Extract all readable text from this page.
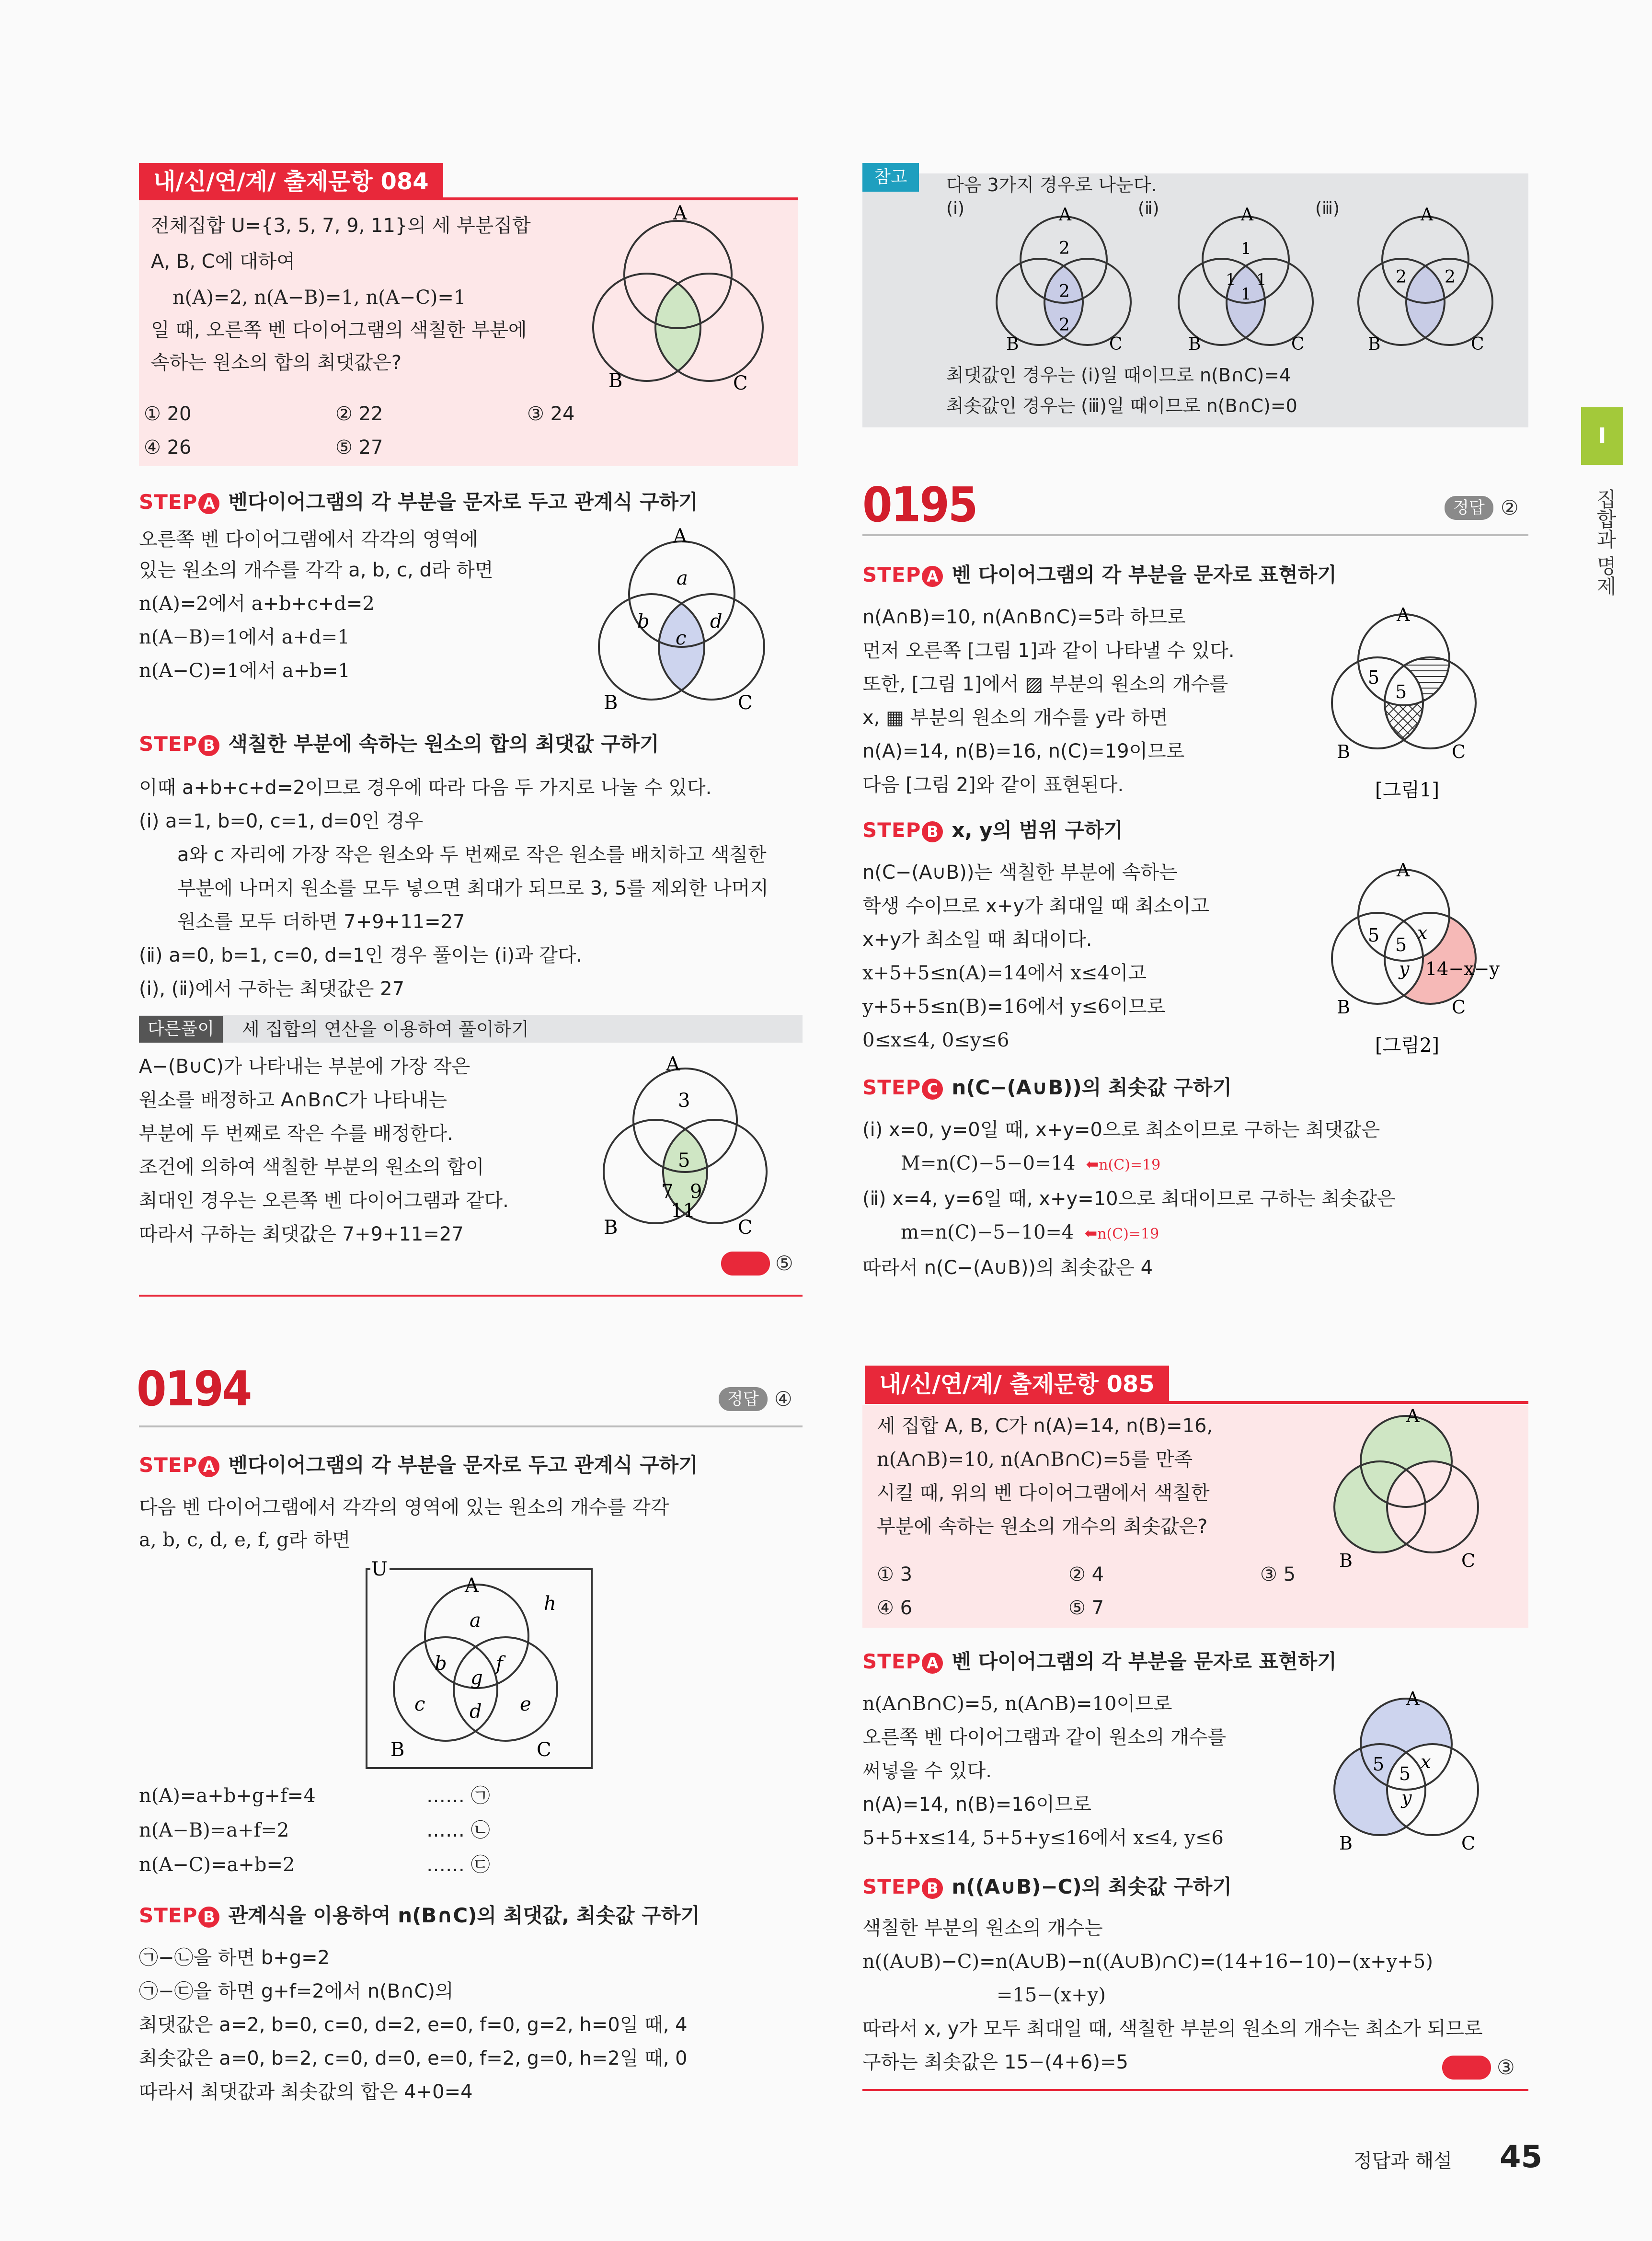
내/신/연/계/ 출제문항 084
전체집합 U={3, 5, 7, 9, 11}의 세 부분집합
A, B, C에 대하여
n(A)=2, n(A−B)=1, n(A−C)=1
일 때, 오른쪽 벤 다이어그램의 색칠한 부분에
속하는 원소의 합의 최댓값은?
① 20	② 22	③ 24
④ 26	⑤ 27
A
B	C
STEP A 벤다이어그램의 각 부분을 문자로 두고 관계식 구하기
오른쪽 벤 다이어그램에서 각각의 영역에
있는 원소의 개수를 각각 a, b, c, d라 하면
n(A)=2에서 a+b+c+d=2
n(A−B)=1에서 a+d=1
n(A−C)=1에서 a+b=1
A
B	C
a
b
c
d
STEP B 색칠한 부분에 속하는 원소의 합의 최댓값 구하기
이때 a+b+c+d=2이므로 경우에 따라 다음 두 가지로 나눌 수 있다.
(ⅰ) a=1, b=0, c=1, d=0인 경우
a와 c 자리에 가장 작은 원소와 두 번째로 작은 원소를 배치하고 색칠한
부분에 나머지 원소를 모두 넣으면 최대가 되므로 3, 5를 제외한 나머지
원소를 모두 더하면 7+9+11=27
(ⅱ) a=0, b=1, c=0, d=1인 경우 풀이는 (ⅰ)과 같다.
(ⅰ), (ⅱ)에서 구하는 최댓값은 27
다른풀이	세 집합의 연산을 이용하여 풀이하기
A−(B∪C)가 나타내는 부분에 가장 작은
원소를 배정하고 A∩B∩C가 나타내는
부분에 두 번째로 작은 수를 배정한다.
조건에 의하여 색칠한 부분의 원소의 합이
최대인 경우는 오른쪽 벤 다이어그램과 같다.
따라서 구하는 최댓값은 7+9+11=27
A
B	C
3
5
7 9
11
정답 ⑤
0194	정답 ④
STEP A 벤다이어그램의 각 부분을 문자로 두고 관계식 구하기
다음 벤 다이어그램에서 각각의 영역에 있는 원소의 개수를 각각
a, b, c, d, e, f, g라 하면
U
A
B	C
a
b
g
f
c d e
h
n(A)=a+b+g+f=4	…… ㉠
n(A−B)=a+f=2	…… ㉡
n(A−C)=a+b=2	…… ㉢
STEP B 관계식을 이용하여 n(B∩C)의 최댓값, 최솟값 구하기
㉠−㉡을 하면 b+g=2
㉠−㉢을 하면 g+f=2에서 n(B∩C)의
최댓값은 a=2, b=0, c=0, d=2, e=0, f=0, g=2, h=0일 때, 4
최솟값은 a=0, b=2, c=0, d=0, e=0, f=2, g=0, h=2일 때, 0
따라서 최댓값과 최솟값의 합은 4+0=4
참고	다음 3가지 경우로 나눈다.
(ⅰ)	(ⅱ)	(ⅲ)
A
B	C
2
2
2
A
B	C
1
1 1
1
A
B	C
2 2
최댓값인 경우는 (ⅰ)일 때이므로 n(B∩C)=4
최솟값인 경우는 (ⅲ)일 때이므로 n(B∩C)=0
0195	정답 ②
STEP A 벤 다이어그램의 각 부분을 문자로 표현하기
n(A∩B)=10, n(A∩B∩C)=5라 하므로
먼저 오른쪽 [그림 1]과 같이 나타낼 수 있다.
또한, [그림 1]에서 ▨ 부분의 원소의 개수를
x, ▦ 부분의 원소의 개수를 y라 하면
n(A)=14, n(B)=16, n(C)=19이므로
다음 [그림 2]와 같이 표현된다.
A
B	C
5
5
[그림1]
STEP B x, y의 범위 구하기
n(C−(A∪B))는 색칠한 부분에 속하는
학생 수이므로 x+y가 최대일 때 최소이고
x+y가 최소일 때 최대이다.
x+5+5≤n(A)=14에서 x≤4이고
y+5+5≤n(B)=16에서 y≤6이므로
0≤x≤4, 0≤y≤6
A
B	C
5 5
x
y 14−x−y
[그림2]
STEP C n(C−(A∪B))의 최솟값 구하기
(ⅰ) x=0, y=0일 때, x+y=0으로 최소이므로 구하는 최댓값은
M=n(C)−5−0=14 ⬅n(C)=19
(ⅱ) x=4, y=6일 때, x+y=10으로 최대이므로 구하는 최솟값은
m=n(C)−5−10=4 ⬅n(C)=19
따라서 n(C−(A∪B))의 최솟값은 4
내/신/연/계/ 출제문항 085
세 집합 A, B, C가 n(A)=14, n(B)=16,
n(A∩B)=10, n(A∩B∩C)=5를 만족
시킬 때, 위의 벤 다이어그램에서 색칠한
부분에 속하는 원소의 개수의 최솟값은?
① 3	② 4	③ 5
④ 6	⑤ 7
A
B	C
STEP A 벤 다이어그램의 각 부분을 문자로 표현하기
n(A∩B∩C)=5, n(A∩B)=10이므로
오른쪽 벤 다이어그램과 같이 원소의 개수를
써넣을 수 있다.
n(A)=14, n(B)=16이므로
5+5+x≤14, 5+5+y≤16에서 x≤4, y≤6
A
B	C
5 5
x
y
STEP B n((A∪B)−C)의 최솟값 구하기
색칠한 부분의 원소의 개수는
n((A∪B)−C)=n(A∪B)−n((A∪B)∩C)=(14+16−10)−(x+y+5)
=15−(x+y)
따라서 x, y가 모두 최대일 때, 색칠한 부분의 원소의 개수는 최소가 되므로
구하는 최솟값은 15−(4+6)=5	정답 ③
I
집합과 명제
정답과 해설 45
